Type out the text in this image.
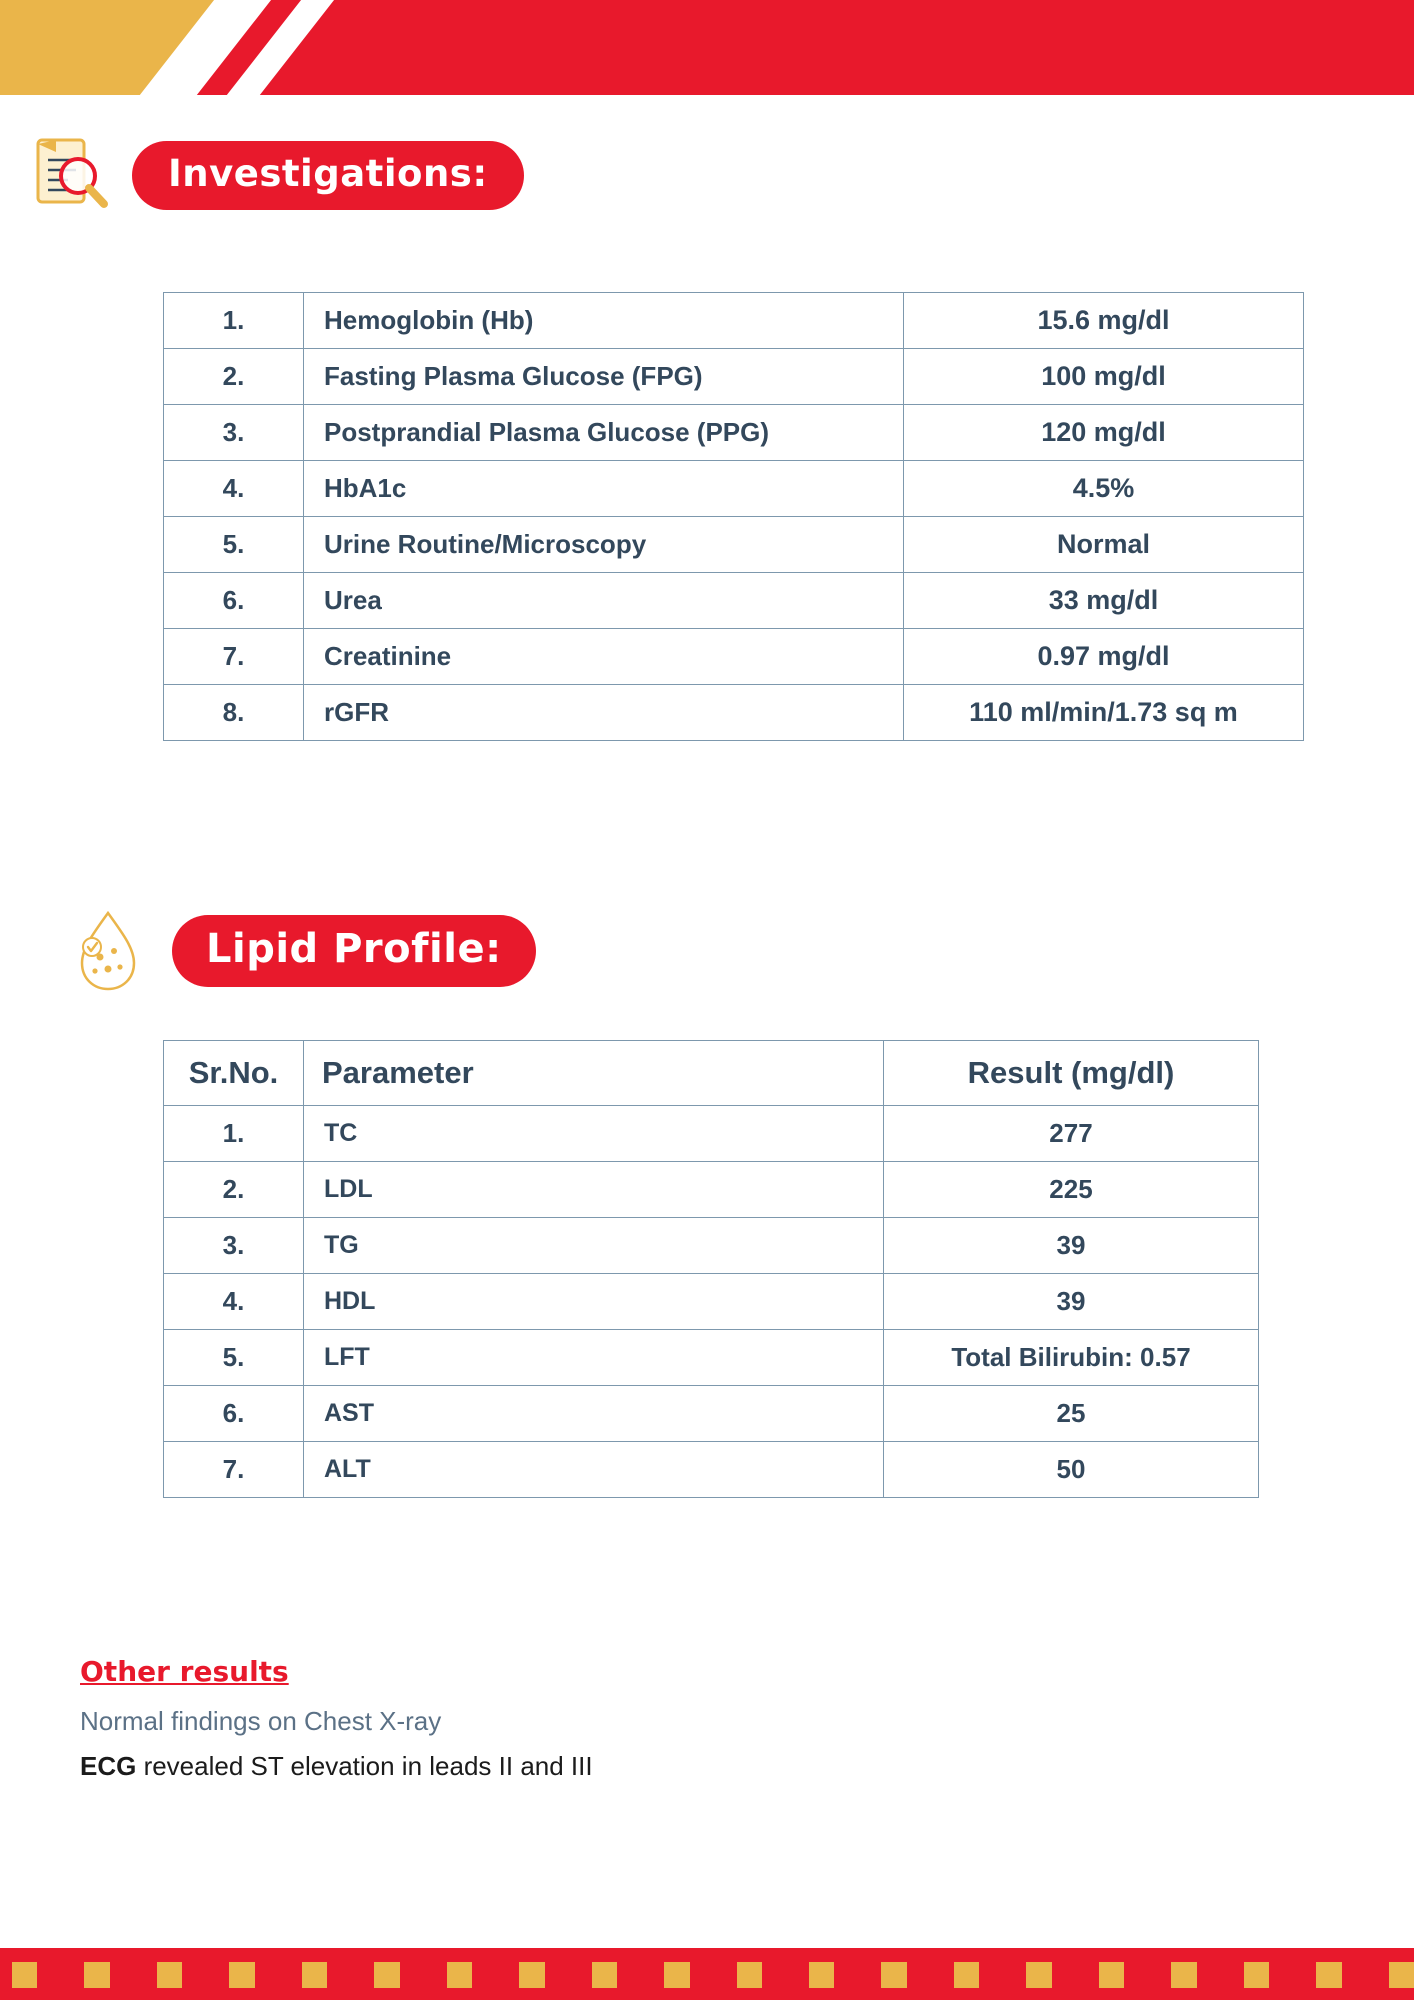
Investigations:
1.	Hemoglobin (Hb)	15.6 mg/dl
2.	Fasting Plasma Glucose (FPG)	100 mg/dl
3.	Postprandial Plasma Glucose (PPG)	120 mg/dl
4.	HbA1c	4.5%
5.	Urine Routine/Microscopy	Normal
6.	Urea	33 mg/dl
7.	Creatinine	0.97 mg/dl
8.	rGFR	110 ml/min/1.73 sq m
Lipid Profile:
Sr.No.	Parameter	Result (mg/dl)
1.	TC	277
2.	LDL	225
3.	TG	39
4.	HDL	39
5.	LFT	Total Bilirubin: 0.57
6.	AST	25
7.	ALT	50
Other results
Normal findings on Chest X-ray
ECG revealed ST elevation in leads II and III
